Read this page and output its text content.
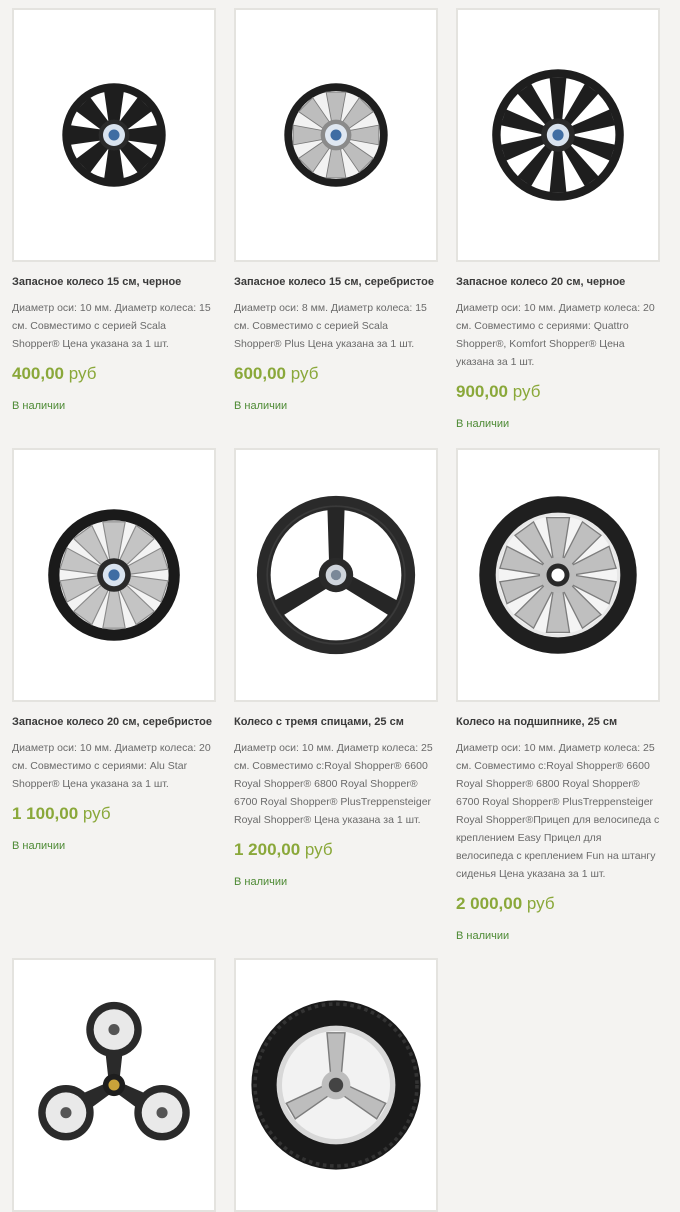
Запасное колесо 15 см, черное
Диаметр оси: 10 мм. Диаметр колеса: 15 см. Совместимо с серией Scala Shopper® Цена указана за 1 шт.
400,00 руб
В наличии
Запасное колесо 15 см, серебристое
Диаметр оси: 8 мм. Диаметр колеса: 15 см. Совместимо с серией Scala Shopper® Plus Цена указана за 1 шт.
600,00 руб
В наличии
Запасное колесо 20 см, черное
Диаметр оси: 10 мм. Диаметр колеса: 20 см. Совместимо с сериями: Quattro Shopper®, Komfort Shopper® Цена указана за 1 шт.
900,00 руб
В наличии
Запасное колесо 20 см, серебристое
Диаметр оси: 10 мм. Диаметр колеса: 20 см. Совместимо с сериями: Alu Star Shopper® Цена указана за 1 шт.
1 100,00 руб
В наличии
Колесо с тремя спицами, 25 см
Диаметр оси: 10 мм. Диаметр колеса: 25 см. Совместимо с:Royal Shopper® 6600 Royal Shopper® 6800 Royal Shopper® 6700 Royal Shopper® PlusTreppensteiger Royal Shopper® Цена указана за 1 шт.
1 200,00 руб
В наличии
Колесо на подшипнике, 25 см
Диаметр оси: 10 мм. Диаметр колеса: 25 см. Совместимо с:Royal Shopper® 6600 Royal Shopper® 6800 Royal Shopper® 6700 Royal Shopper® PlusTreppensteiger Royal Shopper®Прицеп для велосипеда с креплением Easy Прицел для велосипеда с креплением Fun на штангу сиденья Цена указана за 1 шт.
2 000,00 руб
В наличии
